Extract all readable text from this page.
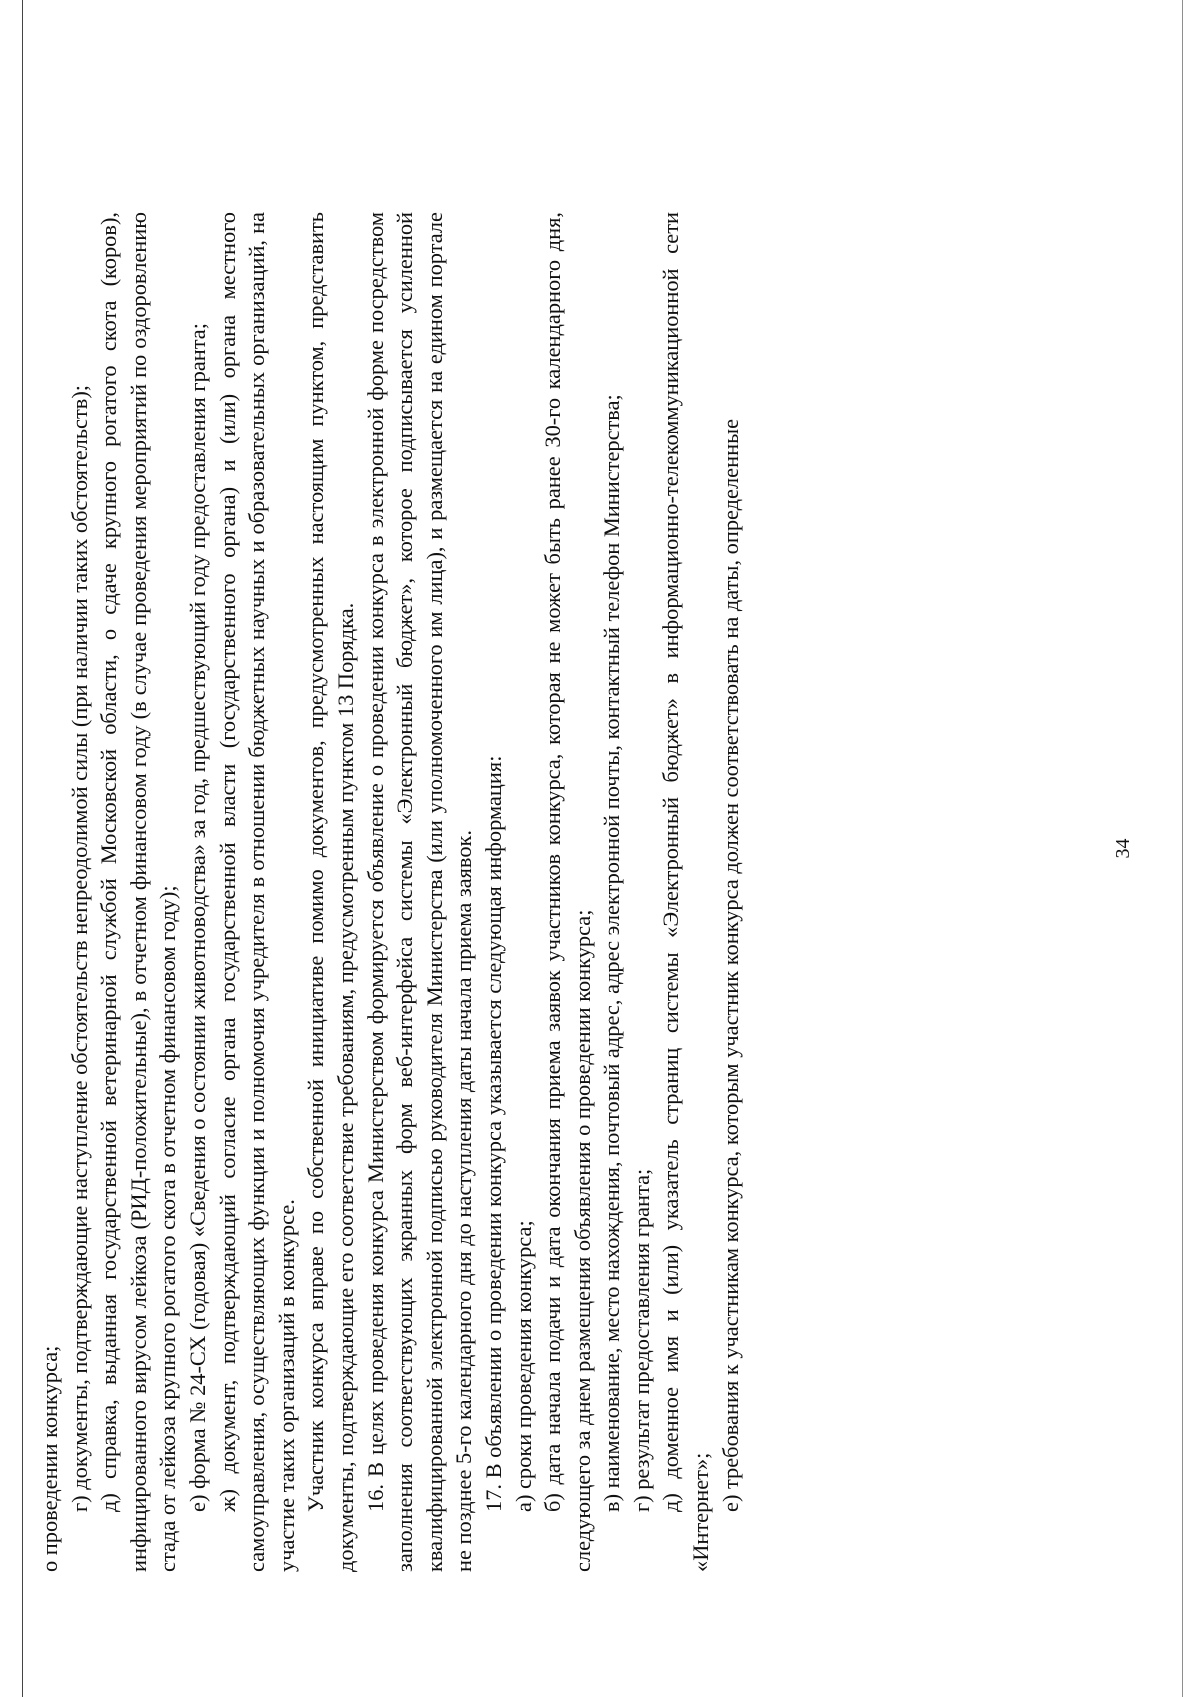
34

о проведении конкурса; г) документы, подтверждающие наступление обстоятельств непреодолимой силы (при наличии таких обстоятельств); д) справка, выданная государственной ветеринарной службой Московской области, о сдаче крупного рогатого скота (коров), инфицированного вирусом лейкоза (РИД-положительные), в отчетном финансовом году (в случае проведения мероприятий по оздоровлению стада от лейкоза крупного рогатого скота в отчетном финансовом году); е) форма № 24-СХ (годовая) «Сведения о состоянии животноводства» за год, предшествующий году предоставления гранта; ж) документ, подтверждающий согласие органа государственной власти (государственного органа) и (или) органа местного самоуправления, осуществляющих функции и полномочия учредителя в отношении бюджетных научных и образовательных организаций, на участие таких организаций в конкурсе. Участник конкурса вправе по собственной инициативе помимо документов, предусмотренных настоящим пунктом, представить документы, подтверждающие его соответствие требованиям, предусмотренным пунктом 13 Порядка. 16. В целях проведения конкурса Министерством формируется объявление о проведении конкурса в электронной форме посредством заполнения соответствующих экранных форм веб-интерфейса системы «Электронный бюджет», которое подписывается усиленной квалифицированной электронной подписью руководителя Министерства (или уполномоченного им лица), и размещается на едином портале не позднее 5-го календарного дня до наступления даты начала приема заявок. 17. В объявлении о проведении конкурса указывается следующая информация: а) сроки проведения конкурса; б) дата начала подачи и дата окончания приема заявок участников конкурса, которая не может быть ранее 30-го календарного дня, следующего за днем размещения объявления о проведении конкурса; в) наименование, место нахождения, почтовый адрес, адрес электронной почты, контактный телефон Министерства; г) результат предоставления гранта; д) доменное имя и (или) указатель страниц системы «Электронный бюджет» в информационно-телекоммуникационной сети «Интернет»;

е) требования к участникам конкурса, которым участник конкурса должен соответствовать на даты, определенные
